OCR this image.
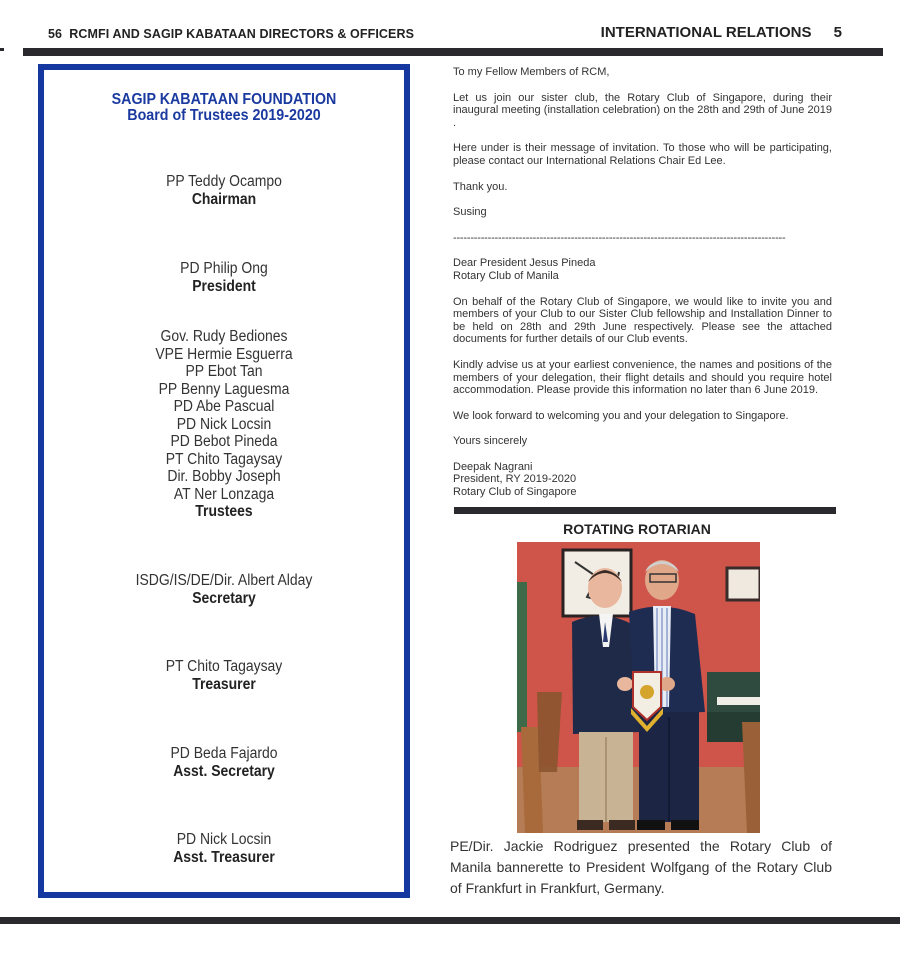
56 RCMFI AND SAGIP KABATAAN DIRECTORS & OFFICERS	INTERNATIONAL RELATIONS 5
SAGIP KABATAAN FOUNDATION
Board of Trustees 2019-2020
PP Teddy Ocampo
Chairman
PD Philip Ong
President
Gov. Rudy Bediones
VPE Hermie Esguerra
PP Ebot Tan
PP Benny Laguesma
PD Abe Pascual
PD Nick Locsin
PD Bebot Pineda
PT Chito Tagaysay
Dir. Bobby Joseph
AT Ner Lonzaga
Trustees
ISDG/IS/DE/Dir. Albert Alday
Secretary
PT Chito Tagaysay
Treasurer
PD Beda Fajardo
Asst. Secretary
PD Nick Locsin
Asst. Treasurer

To my Fellow Members of RCM,

Let us join our sister club, the Rotary Club of Singapore, during their inaugural meeting (installation celebration) on the 28th and 29th of June 2019 .

Here under is their message of invitation. To those who will be participating, please contact our International Relations Chair Ed Lee.

Thank you.

Susing

------------------------------------------------------------------------------------------------

Dear President Jesus Pineda
Rotary Club of Manila

On behalf of the Rotary Club of Singapore, we would like to invite you and members of your Club to our Sister Club fellowship and Installation Dinner to be held on 28th and 29th June respectively. Please see the attached documents for further details of our Club events.

Kindly advise us at your earliest convenience, the names and positions of the members of your delegation, their flight details and should you require hotel accommodation. Please provide this information no later than 6 June 2019.

We look forward to welcoming you and your delegation to Singapore.

Yours sincerely

Deepak Nagrani
President, RY 2019-2020
Rotary Club of Singapore

ROTATING ROTARIAN
PE/Dir. Jackie Rodriguez presented the Rotary Club of Manila bannerette to President Wolfgang of the Rotary Club of Frankfurt in Frankfurt, Germany.
